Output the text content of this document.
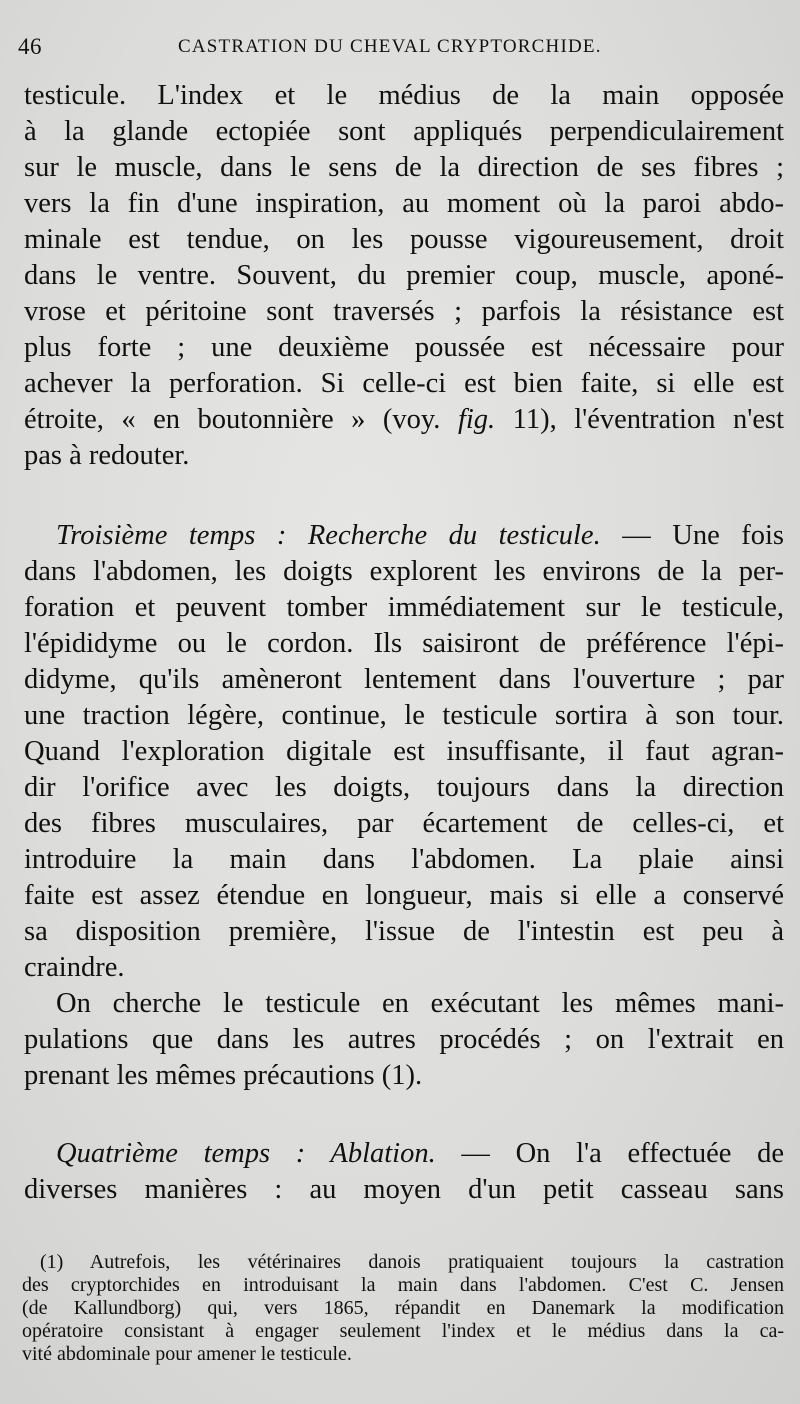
46	CASTRATION DU CHEVAL CRYPTORCHIDE.
testicule. L'index et le médius de la main opposée
à la glande ectopiée sont appliqués perpendiculairement
sur le muscle, dans le sens de la direction de ses fibres ;
vers la fin d'une inspiration, au moment où la paroi abdo-
minale est tendue, on les pousse vigoureusement, droit
dans le ventre. Souvent, du premier coup, muscle, aponé-
vrose et péritoine sont traversés ; parfois la résistance est
plus forte ; une deuxième poussée est nécessaire pour
achever la perforation. Si celle-ci est bien faite, si elle est
étroite, « en boutonnière » (voy. fig. 11), l'éventration n'est
pas à redouter.
Troisième temps : Recherche du testicule. — Une fois
dans l'abdomen, les doigts explorent les environs de la per-
foration et peuvent tomber immédiatement sur le testicule,
l'épididyme ou le cordon. Ils saisiront de préférence l'épi-
didyme, qu'ils amèneront lentement dans l'ouverture ; par
une traction légère, continue, le testicule sortira à son tour.
Quand l'exploration digitale est insuffisante, il faut agran-
dir l'orifice avec les doigts, toujours dans la direction
des fibres musculaires, par écartement de celles-ci, et
introduire la main dans l'abdomen. La plaie ainsi
faite est assez étendue en longueur, mais si elle a conservé
sa disposition première, l'issue de l'intestin est peu à
craindre.
On cherche le testicule en exécutant les mêmes mani-
pulations que dans les autres procédés ; on l'extrait en
prenant les mêmes précautions (1).
Quatrième temps : Ablation. — On l'a effectuée de
diverses manières : au moyen d'un petit casseau sans
(1) Autrefois, les vétérinaires danois pratiquaient toujours la castration
des cryptorchides en introduisant la main dans l'abdomen. C'est C. Jensen
(de Kallundborg) qui, vers 1865, répandit en Danemark la modification
opératoire consistant à engager seulement l'index et le médius dans la ca-
vité abdominale pour amener le testicule.
